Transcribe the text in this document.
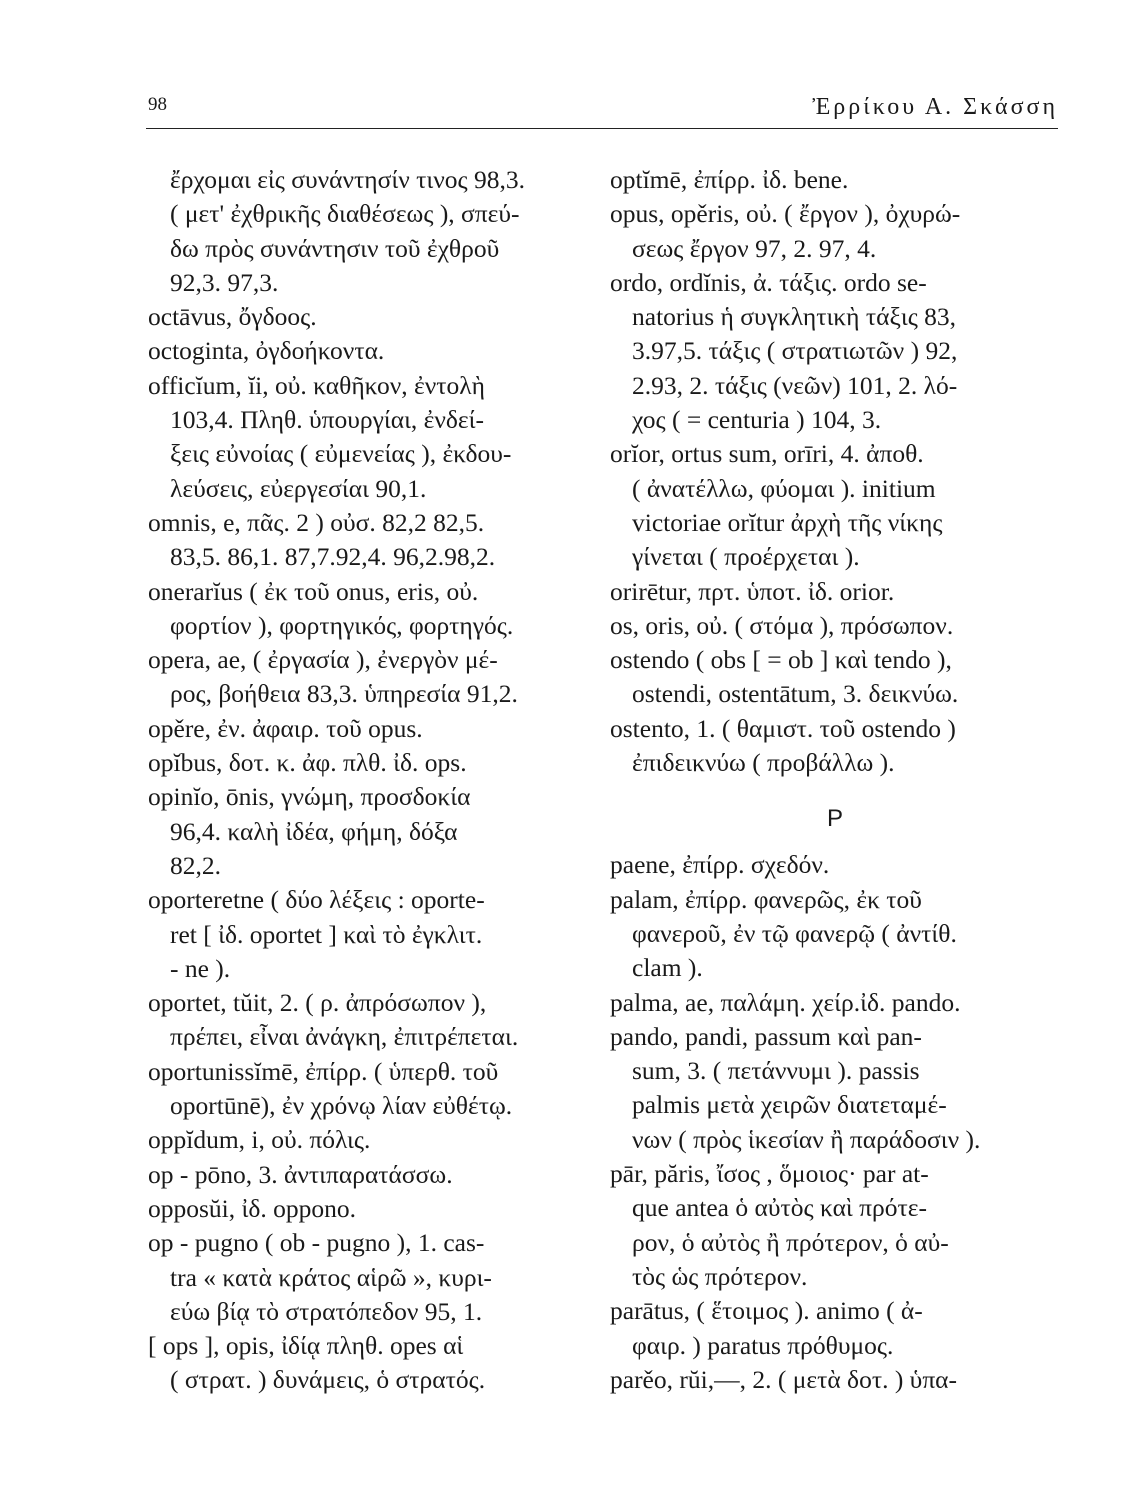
98	Ἐρρίκου Α. Σκάσση
ἔρχομαι εἰς συνάντησίν τινος 98,3.
( μετ' ἐχθρικῆς διαθέσεως ), σπεύ-
δω πρὸς συνάντησιν τοῦ ἐχθροῦ
92,3. 97,3.
octāvus, ὄγδοος.
octoginta, ὀγδοήκοντα.
officĭum, ĭi, οὐ. καθῆκον, ἐντολὴ
103,4. Πληθ. ὑπουργίαι, ἐνδεί-
ξεις εὐνοίας ( εὐμενείας ), ἐκδου-
λεύσεις, εὐεργεσίαι 90,1.
omnis, e, πᾶς. 2 ) οὐσ. 82,2 82,5.
83,5. 86,1. 87,7.92,4. 96,2.98,2.
onerarĭus ( ἐκ τοῦ onus, eris, οὐ.
φορτίον ), φορτηγικός, φορτηγός.
opera, ae, ( ἐργασία ), ἐνεργὸν μέ-
ρος, βοήθεια 83,3. ὑπηρεσία 91,2.
opěre, ἐν. ἀφαιρ. τοῦ opus.
opĭbus, δοτ. κ. ἀφ. πλθ. ἰδ. ops.
opinĭo, ōnis, γνώμη, προσδοκία
96,4. καλὴ ἰδέα, φήμη, δόξα
82,2.
oporteretne ( δύο λέξεις : oporte-
ret [ ἰδ. oportet ] καὶ τὸ ἐγκλιτ.
- ne ).
oportet, tŭit, 2. ( ρ. ἀπρόσωπον ),
πρέπει, εἶναι ἀνάγκη, ἐπιτρέπεται.
oportunissĭmē, ἐπίρρ. ( ὑπερθ. τοῦ
oportūnē), ἐν χρόνῳ λίαν εὐθέτῳ.
oppĭdum, i, οὐ. πόλις.
op - pōno, 3. ἀντιπαρατάσσω.
opposŭi, ἰδ. oppono.
op - pugno ( ob - pugno ), 1. cas-
tra « κατὰ κράτος αἱρῶ », κυρι-
εύω βίᾳ τὸ στρατόπεδον 95, 1.
[ ops ], opis, ἰδίᾳ πληθ. opes αἱ
( στρατ. ) δυνάμεις, ὁ στρατός.
optĭmē, ἐπίρρ. ἰδ. bene.
opus, opěris, οὐ. ( ἔργον ), ὀχυρώ-
σεως ἔργον 97, 2. 97, 4.
ordo, ordĭnis, ἀ. τάξις. ordo se-
natorius ἡ συγκλητικὴ τάξις 83,
3.97,5. τάξις ( στρατιωτῶν ) 92,
2.93, 2. τάξις (νεῶν) 101, 2. λό-
χος ( = centuria ) 104, 3.
orĭor, ortus sum, orīri, 4. ἀποθ.
( ἀνατέλλω, φύομαι ). initium
victoriae orĭtur ἀρχὴ τῆς νίκης
γίνεται ( προέρχεται ).
orirētur, πρτ. ὑποτ. ἰδ. orior.
os, oris, οὐ. ( στόμα ), πρόσωπον.
ostendo ( obs [ = ob ] καὶ tendo ),
ostendi, ostentātum, 3. δεικνύω.
ostento, 1. ( θαμιστ. τοῦ ostendo )
ἐπιδεικνύω ( προβάλλω ).
P
paene, ἐπίρρ. σχεδόν.
palam, ἐπίρρ. φανερῶς, ἐκ τοῦ
φανεροῦ, ἐν τῷ φανερῷ ( ἀντίθ.
clam ).
palma, ae, παλάμη. χείρ.ἰδ. pando.
pando, pandi, passum καὶ pan-
sum, 3. ( πετάννυμι ). passis
palmis μετὰ χειρῶν διατεταμέ-
νων ( πρὸς ἱκεσίαν ἢ παράδοσιν ).
pār, păris, ἴσος , ὅμοιος· par at-
que antea ὁ αὐτὸς καὶ πρότε-
ρον, ὁ αὐτὸς ἢ πρότερον, ὁ αὐ-
τὸς ὡς πρότερον.
parātus, ( ἕτοιμος ). animo ( ἀ-
φαιρ. ) paratus πρόθυμος.
parěo, rŭi,—, 2. ( μετὰ δοτ. ) ὑπα-
